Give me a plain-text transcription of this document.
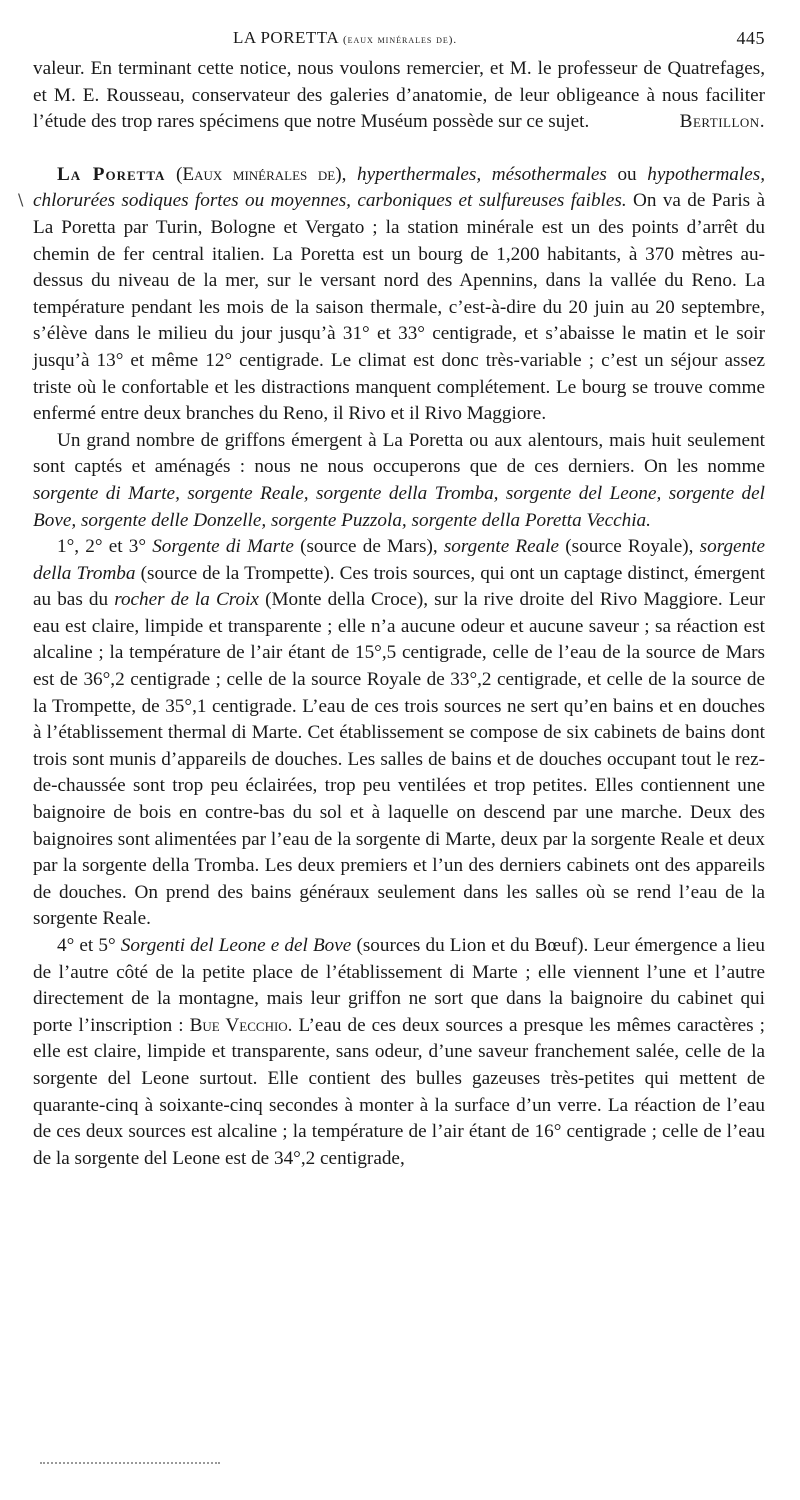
\
LA PORETTA (eaux minérales de).	445

valeur. En terminant cette notice, nous voulons remercier, et M. le professeur de Quatrefages, et M. E. Rousseau, conservateur des galeries d’anatomie, de leur obligeance à nous faciliter l’étude des trop rares spécimens que notre Muséum possède sur ce sujet.	Bertillon.

La Poretta (Eaux minérales de), hyperthermales, mésothermales ou hypothermales, chlorurées sodiques fortes ou moyennes, carboniques et sulfureuses faibles. On va de Paris à La Poretta par Turin, Bologne et Vergato ; la station minérale est un des points d’arrêt du chemin de fer central italien. La Poretta est un bourg de 1,200 habitants, à 370 mètres au-dessus du niveau de la mer, sur le versant nord des Apennins, dans la vallée du Reno. La température pendant les mois de la saison thermale, c’est-à-dire du 20 juin au 20 septembre, s’élève dans le milieu du jour jusqu’à 31° et 33° centigrade, et s’abaisse le matin et le soir jusqu’à 13° et même 12° centigrade. Le climat est donc très-variable ; c’est un séjour assez triste où le confortable et les distractions manquent complétement. Le bourg se trouve comme enfermé entre deux branches du Reno, il Rivo et il Rivo Maggiore.

Un grand nombre de griffons émergent à La Poretta ou aux alentours, mais huit seulement sont captés et aménagés : nous ne nous occuperons que de ces derniers. On les nomme sorgente di Marte, sorgente Reale, sorgente della Tromba, sorgente del Leone, sorgente del Bove, sorgente delle Donzelle, sorgente Puzzola, sorgente della Poretta Vecchia.

1°, 2° et 3° Sorgente di Marte (source de Mars), sorgente Reale (source Royale), sorgente della Tromba (source de la Trompette). Ces trois sources, qui ont un captage distinct, émergent au bas du rocher de la Croix (Monte della Croce), sur la rive droite del Rivo Maggiore. Leur eau est claire, limpide et transparente ; elle n’a aucune odeur et aucune saveur ; sa réaction est alcaline ; la température de l’air étant de 15°,5 centigrade, celle de l’eau de la source de Mars est de 36°,2 centigrade ; celle de la source Royale de 33°,2 centigrade, et celle de la source de la Trompette, de 35°,1 centigrade. L’eau de ces trois sources ne sert qu’en bains et en douches à l’établissement thermal di Marte. Cet établissement se compose de six cabinets de bains dont trois sont munis d’appareils de douches. Les salles de bains et de douches occupant tout le rez-de-chaussée sont trop peu éclairées, trop peu ventilées et trop petites. Elles contiennent une baignoire de bois en contre-bas du sol et à laquelle on descend par une marche. Deux des baignoires sont alimentées par l’eau de la sorgente di Marte, deux par la sorgente Reale et deux par la sorgente della Tromba. Les deux premiers et l’un des derniers cabinets ont des appareils de douches. On prend des bains généraux seulement dans les salles où se rend l’eau de la sorgente Reale.

4° et 5° Sorgenti del Leone e del Bove (sources du Lion et du Bœuf). Leur émergence a lieu de l’autre côté de la petite place de l’établissement di Marte ; elle viennent l’une et l’autre directement de la montagne, mais leur griffon ne sort que dans la baignoire du cabinet qui porte l’inscription : Bue Vecchio. L’eau de ces deux sources a presque les mêmes caractères ; elle est claire, limpide et transparente, sans odeur, d’une saveur franchement salée, celle de la sorgente del Leone surtout. Elle contient des bulles gazeuses très-petites qui mettent de quarante-cinq à soixante-cinq secondes à monter à la surface d’un verre. La réaction de l’eau de ces deux sources est alcaline ; la température de l’air étant de 16° centigrade ; celle de l’eau de la sorgente del Leone est de 34°,2 centigrade,
